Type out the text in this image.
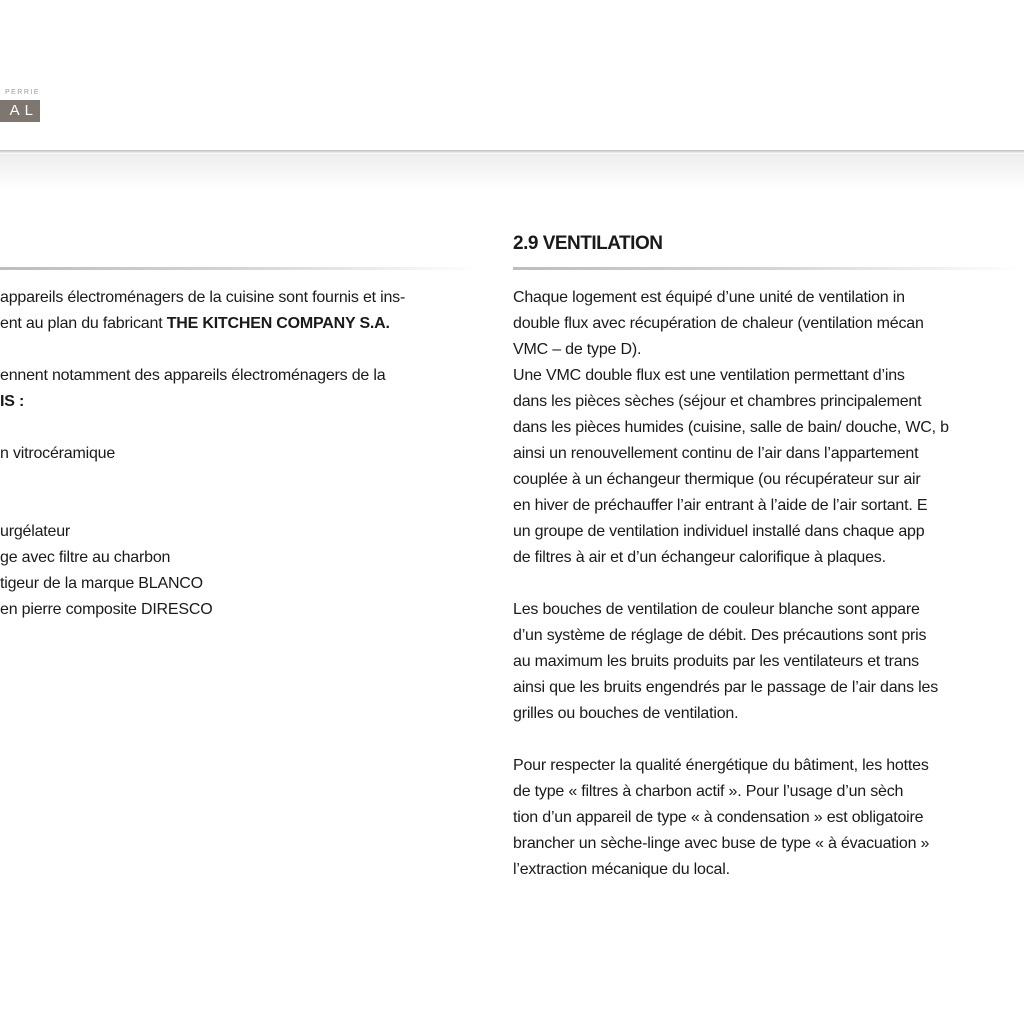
PERRIE
AL
2.9 VENTILATION
appareils électroménagers de la cuisine sont fournis et ins-
ent au plan du fabricant THE KITCHEN COMPANY S.A.
ennent notamment des appareils électroménagers de la
IS :
n vitrocéramique
urgélateur
ge avec filtre au charbon
tigeur de la marque BLANCO
en pierre composite DIRESCO
Chaque logement est équipé d’une unité de ventilation in
double flux avec récupération de chaleur (ventilation mécan
VMC – de type D).
Une VMC double flux est une ventilation permettant d’ins
dans les pièces sèches (séjour et chambres principalement
dans les pièces humides (cuisine, salle de bain/ douche, WC, b
ainsi un renouvellement continu de l’air dans l’appartement
couplée à un échangeur thermique (ou récupérateur sur air
en hiver de préchauffer l’air entrant à l’aide de l’air sortant. E
un groupe de ventilation individuel installé dans chaque app
de filtres à air et d’un échangeur calorifique à plaques.
Les bouches de ventilation de couleur blanche sont appare
d’un système de réglage de débit. Des précautions sont pris
au maximum les bruits produits par les ventilateurs et trans
ainsi que les bruits engendrés par le passage de l’air dans les
grilles ou bouches de ventilation.
Pour respecter la qualité énergétique du bâtiment, les hottes
de type « filtres à charbon actif ». Pour l’usage d’un sèch
tion d’un appareil de type « à condensation » est obligatoire
brancher un sèche-linge avec buse de type « à évacuation »
l’extraction mécanique du local.
